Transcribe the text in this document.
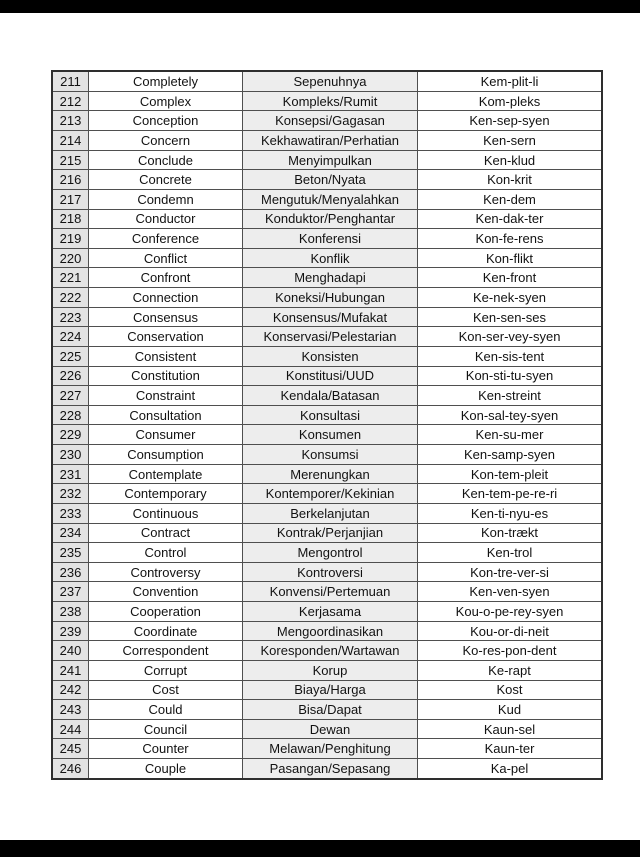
211	Completely	Sepenuhnya	Kem-plit-li
212	Complex	Kompleks/Rumit	Kom-pleks
213	Conception	Konsepsi/Gagasan	Ken-sep-syen
214	Concern	Kekhawatiran/Perhatian	Ken-sern
215	Conclude	Menyimpulkan	Ken-klud
216	Concrete	Beton/Nyata	Kon-krit
217	Condemn	Mengutuk/Menyalahkan	Ken-dem
218	Conductor	Konduktor/Penghantar	Ken-dak-ter
219	Conference	Konferensi	Kon-fe-rens
220	Conflict	Konflik	Kon-flikt
221	Confront	Menghadapi	Ken-front
222	Connection	Koneksi/Hubungan	Ke-nek-syen
223	Consensus	Konsensus/Mufakat	Ken-sen-ses
224	Conservation	Konservasi/Pelestarian	Kon-ser-vey-syen
225	Consistent	Konsisten	Ken-sis-tent
226	Constitution	Konstitusi/UUD	Kon-sti-tu-syen
227	Constraint	Kendala/Batasan	Ken-streint
228	Consultation	Konsultasi	Kon-sal-tey-syen
229	Consumer	Konsumen	Ken-su-mer
230	Consumption	Konsumsi	Ken-samp-syen
231	Contemplate	Merenungkan	Kon-tem-pleit
232	Contemporary	Kontemporer/Kekinian	Ken-tem-pe-re-ri
233	Continuous	Berkelanjutan	Ken-ti-nyu-es
234	Contract	Kontrak/Perjanjian	Kon-trækt
235	Control	Mengontrol	Ken-trol
236	Controversy	Kontroversi	Kon-tre-ver-si
237	Convention	Konvensi/Pertemuan	Ken-ven-syen
238	Cooperation	Kerjasama	Kou-o-pe-rey-syen
239	Coordinate	Mengoordinasikan	Kou-or-di-neit
240	Correspondent	Koresponden/Wartawan	Ko-res-pon-dent
241	Corrupt	Korup	Ke-rapt
242	Cost	Biaya/Harga	Kost
243	Could	Bisa/Dapat	Kud
244	Council	Dewan	Kaun-sel
245	Counter	Melawan/Penghitung	Kaun-ter
246	Couple	Pasangan/Sepasang	Ka-pel
